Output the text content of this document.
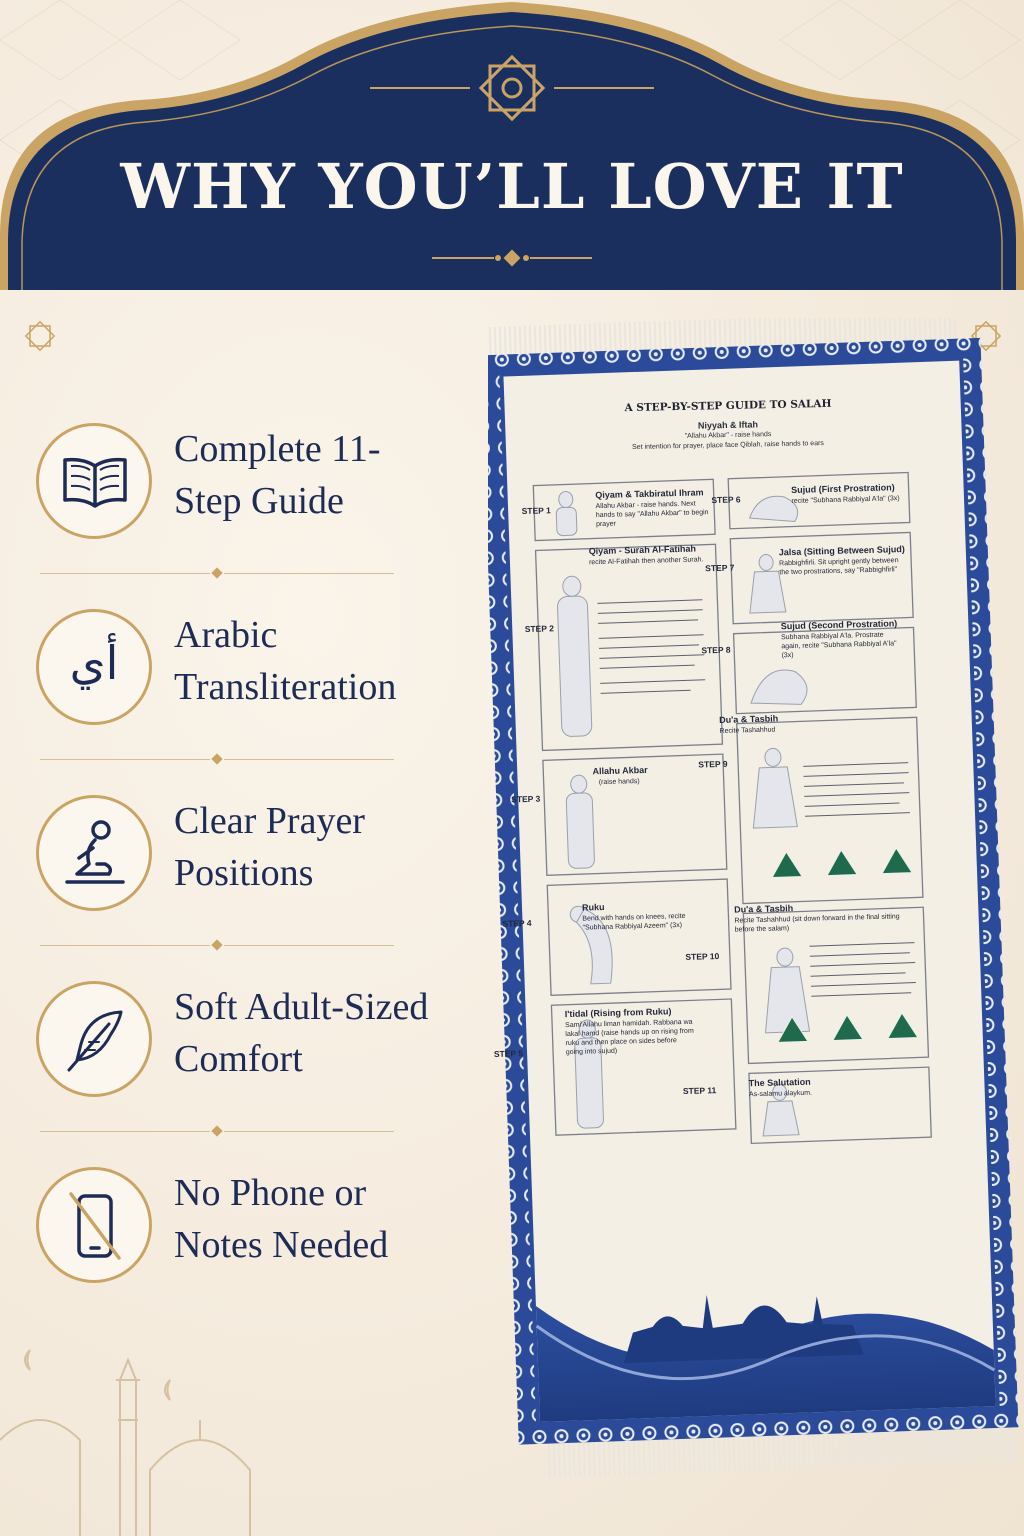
WHY YOU’LL LOVE IT
Complete 11-Step Guide
أي
Arabic Transliteration
Clear Prayer Positions
Soft Adult-Sized Comfort
No Phone or Notes Needed
A STEP-BY-STEP GUIDE TO SALAH
Niyyah & Iftah
"Allahu Akbar" - raise hands
Set intention for prayer, place face Qiblah, raise hands to ears
STEP 1
Qiyam & Takbiratul Ihram
Allahu Akbar - raise hands. Next hands to say "Allahu Akbar" to begin prayer
STEP 2
Qiyam - Surah Al-Fatihah
recite Al-Fatihah then another Surah.
STEP 3
Allahu Akbar
(raise hands)
STEP 4
Ruku
Bend with hands on knees, recite "Subhana Rabbiyal Azeem" (3x)
STEP 5
I'tidal (Rising from Ruku)
Sami'Allahu liman hamidah. Rabbana wa lakal hamd (raise hands up on rising from ruku and then place on sides before going into sujud)
STEP 6
Sujud (First Prostration)
recite "Subhana Rabbiyal A'la" (3x)
STEP 7
Jalsa (Sitting Between Sujud)
Rabbighfirli. Sit upright gently between the two prostrations, say "Rabbighfirli"
STEP 8
Sujud (Second Prostration)
Subhana Rabbiyal A'la. Prostrate again, recite "Subhana Rabbiyal A'la" (3x)
STEP 9
Du'a & Tasbih
Recite Tashahhud
STEP 10
Du'a & Tasbih
Recite Tashahhud (sit down forward in the final sitting before the salam)
STEP 11
The Salutation
As-salamu alaykum.
